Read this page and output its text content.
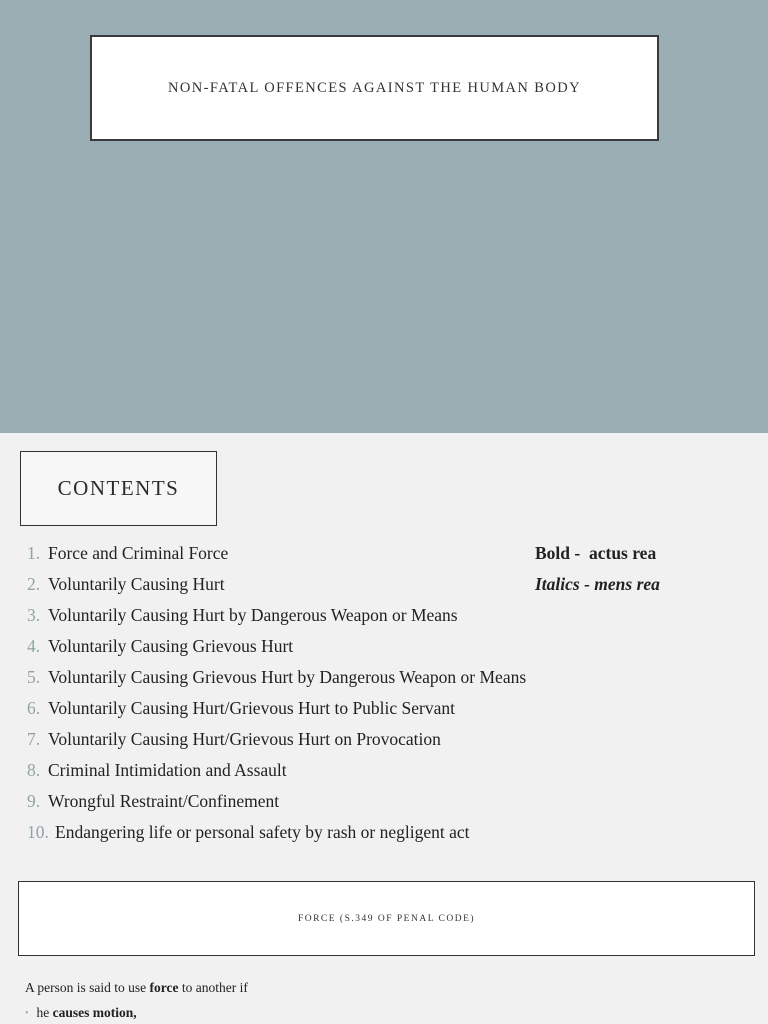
NON-FATAL OFFENCES AGAINST THE HUMAN BODY
CONTENTS
1. Force and Criminal Force
2. Voluntarily Causing Hurt
3. Voluntarily Causing Hurt by Dangerous Weapon or Means
4. Voluntarily Causing Grievous Hurt
5. Voluntarily Causing Grievous Hurt by Dangerous Weapon or Means
6. Voluntarily Causing Hurt/Grievous Hurt to Public Servant
7. Voluntarily Causing Hurt/Grievous Hurt on Provocation
8. Criminal Intimidation and Assault
9. Wrongful Restraint/Confinement
10. Endangering life or personal safety by rash or negligent act
Bold -  actus rea
Italics - mens rea
FORCE (S.349 OF PENAL CODE)
A person is said to use force to another if
• he causes motion,
